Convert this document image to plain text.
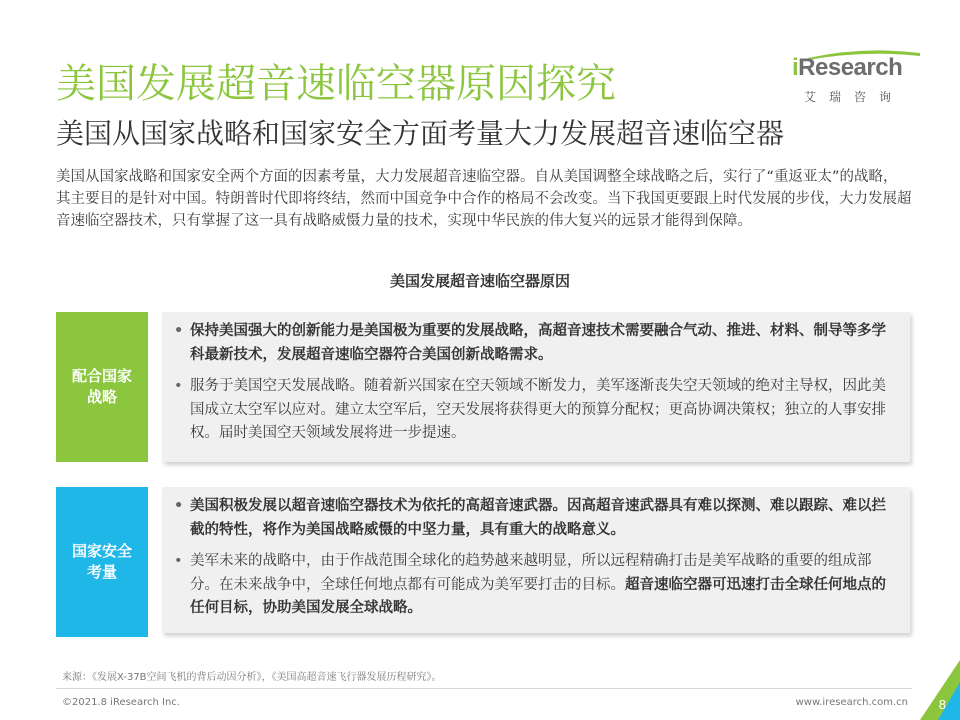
美国发展超音速临空器原因探究
美国从国家战略和国家安全方面考量大力发展超音速临空器
iResearch
艾瑞咨询
美国从国家战略和国家安全两个方面的因素考量，大力发展超音速临空器。自从美国调整全球战略之后，实行了“重返亚太”的战略，其主要目的是针对中国。特朗普时代即将终结，然而中国竞争中合作的格局不会改变。当下我国更要跟上时代发展的步伐，大力发展超音速临空器技术，只有掌握了这一具有战略威慑力量的技术，实现中华民族的伟大复兴的远景才能得到保障。
美国发展超音速临空器原因
配合国家
战略
• 保持美国强大的创新能力是美国极为重要的发展战略，高超音速技术需要融合气动、推进、材料、制导等多学科最新技术，发展超音速临空器符合美国创新战略需求。
• 服务于美国空天发展战略。随着新兴国家在空天领域不断发力，美军逐渐丧失空天领域的绝对主导权，因此美国成立太空军以应对。建立太空军后，空天发展将获得更大的预算分配权；更高协调决策权；独立的人事安排权。届时美国空天领域发展将进一步提速。
国家安全
考量
• 美国积极发展以超音速临空器技术为依托的高超音速武器。因高超音速武器具有难以探测、难以跟踪、难以拦截的特性，将作为美国战略威慑的中坚力量，具有重大的战略意义。
• 美军未来的战略中，由于作战范围全球化的趋势越来越明显，所以远程精确打击是美军战略的重要的组成部分。在未来战争中，全球任何地点都有可能成为美军要打击的目标。超音速临空器可迅速打击全球任何地点的任何目标，协助美国发展全球战略。
来源：《发展X-37B空间飞机的背后动因分析》，《美国高超音速飞行器发展历程研究》。
©2021.8 iResearch Inc.	www.iresearch.com.cn 8
